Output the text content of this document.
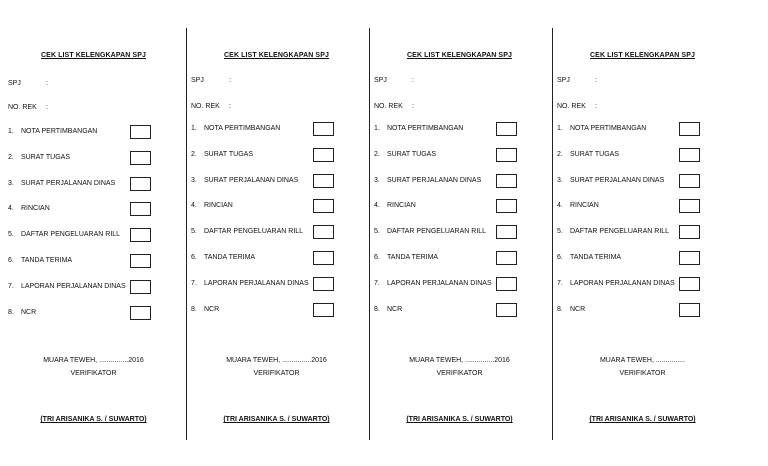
CEK LIST KELENGKAPAN SPJ
SPJ	:
NO. REK :
1. NOTA PERTIMBANGAN
2. SURAT TUGAS
3. SURAT PERJALANAN DINAS
4. RINCIAN
5. DAFTAR PENGELUARAN RILL
6. TANDA TERIMA
7. LAPORAN PERJALANAN DINAS
8. NCR
MUARA TEWEH, ...............2016
VERIFIKATOR
(TRI ARISANIKA S. / SUWARTO)
CEK LIST KELENGKAPAN SPJ
SPJ	:
NO. REK :
1. NOTA PERTIMBANGAN
2. SURAT TUGAS
3. SURAT PERJALANAN DINAS
4. RINCIAN
5. DAFTAR PENGELUARAN RILL
6. TANDA TERIMA
7. LAPORAN PERJALANAN DINAS
8. NCR
MUARA TEWEH, ...............2016
VERIFIKATOR
(TRI ARISANIKA S. / SUWARTO)
CEK LIST KELENGKAPAN SPJ
SPJ	:
NO. REK :
1. NOTA PERTIMBANGAN
2. SURAT TUGAS
3. SURAT PERJALANAN DINAS
4. RINCIAN
5. DAFTAR PENGELUARAN RILL
6. TANDA TERIMA
7. LAPORAN PERJALANAN DINAS
8. NCR
MUARA TEWEH, ...............2016
VERIFIKATOR
(TRI ARISANIKA S. / SUWARTO)
CEK LIST KELENGKAPAN SPJ
SPJ	:
NO. REK :
1. NOTA PERTIMBANGAN
2. SURAT TUGAS
3. SURAT PERJALANAN DINAS
4. RINCIAN
5. DAFTAR PENGELUARAN RILL
6. TANDA TERIMA
7. LAPORAN PERJALANAN DINAS
8. NCR
MUARA TEWEH, ...............
VERIFIKATOR
(TRI ARISANIKA S. / SUWARTO)
